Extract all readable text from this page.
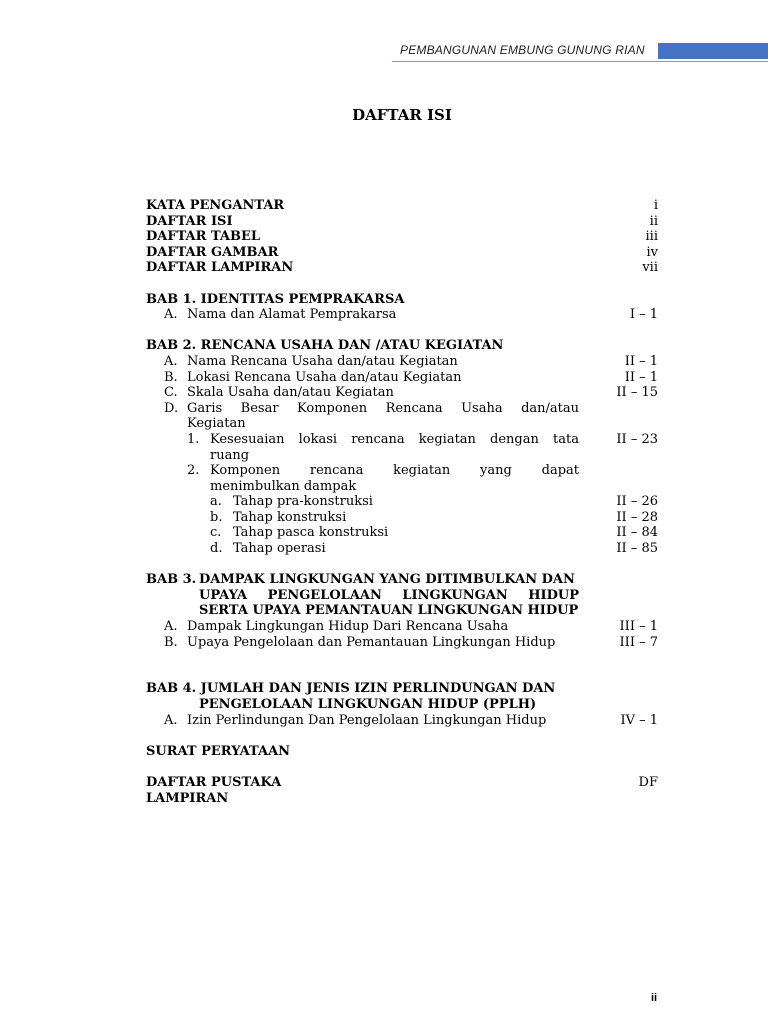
PEMBANGUNAN EMBUNG GUNUNG RIAN
DAFTAR ISI
KATA PENGANTAR	i
DAFTAR ISI	ii
DAFTAR TABEL	iii
DAFTAR GAMBAR	iv
DAFTAR LAMPIRAN	vii
BAB 1. IDENTITAS PEMPRAKARSA
A. Nama dan Alamat Pemprakarsa	I – 1
BAB 2. RENCANA USAHA DAN /ATAU KEGIATAN
A. Nama Rencana Usaha dan/atau Kegiatan	II – 1
B. Lokasi Rencana Usaha dan/atau Kegiatan	II – 1
C. Skala Usaha dan/atau Kegiatan	II – 15
D. Garis Besar Komponen Rencana Usaha dan/atau
Kegiatan
1. Kesesuaian lokasi rencana kegiatan dengan tata	II – 23
ruang
2. Komponen rencana kegiatan yang dapat
menimbulkan dampak
a. Tahap pra-konstruksi	II – 26
b. Tahap konstruksi	II – 28
c. Tahap pasca konstruksi	II – 84
d. Tahap operasi	II – 85
BAB 3. DAMPAK LINGKUNGAN YANG DITIMBULKAN DAN
UPAYA PENGELOLAAN LINGKUNGAN HIDUP
SERTA UPAYA PEMANTAUAN LINGKUNGAN HIDUP
A. Dampak Lingkungan Hidup Dari Rencana Usaha	III – 1
B. Upaya Pengelolaan dan Pemantauan Lingkungan Hidup	III – 7
BAB 4. JUMLAH DAN JENIS IZIN PERLINDUNGAN DAN
PENGELOLAAN LINGKUNGAN HIDUP (PPLH)
A. Izin Perlindungan Dan Pengelolaan Lingkungan Hidup	IV – 1
SURAT PERYATAAN
DAFTAR PUSTAKA	DF
LAMPIRAN
ii
